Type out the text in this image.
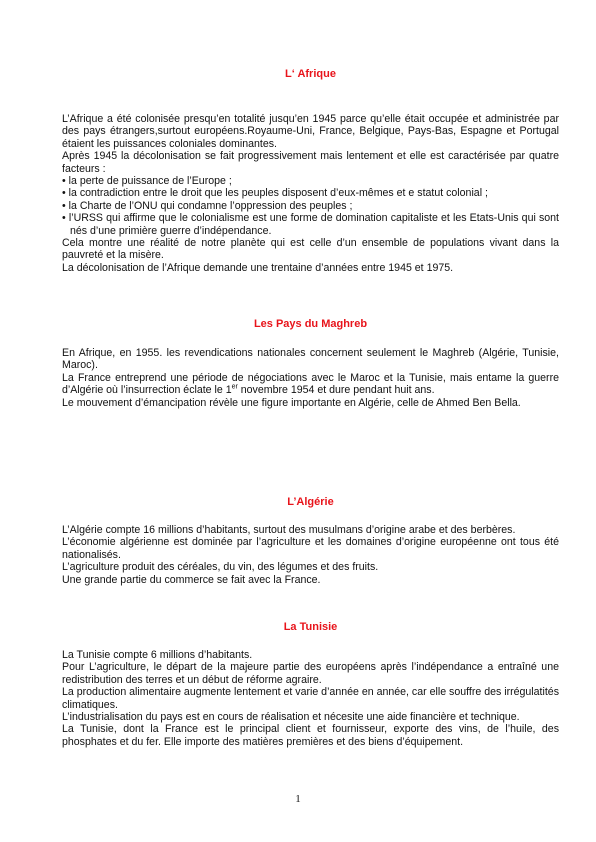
L‘ Afrique

L’Afrique a été colonisée presqu’en totalité jusqu’en 1945 parce qu’elle était occupée et administrée par des pays étrangers,surtout européens.Royaume-Uni, France, Belgique, Pays-Bas, Espagne et Portugal étaient les puissances coloniales dominantes.

Après 1945 la décolonisation se fait progressivement mais lentement et elle est caractérisée par quatre facteurs :

• la perte de puissance de l’Europe ;

• la contradiction entre le droit que les peuples disposent d’eux-mêmes et e statut colonial ;

• la Charte de l’ONU qui condamne l’oppression des peuples ;

• l’URSS qui affirme que le colonialisme est une forme de domination capitaliste et les Etats-Unis qui sont nés d’une primière guerre d’indépendance.

Cela montre une réalité de notre planète qui est celle d’un ensemble de populations vivant dans la pauvreté et la misère.

La décolonisation de l’Afrique demande une trentaine d’années entre 1945 et 1975.

Les Pays du Maghreb

En Afrique, en 1955. les revendications nationales concernent seulement le Maghreb (Algérie, Tunisie, Maroc).

La France entreprend une période de négociations avec le Maroc et la Tunisie, mais entame la guerre d’Algérie où l’insurrection éclate le 1er novembre 1954 et dure pendant huit ans.

Le mouvement d’émancipation révèle une figure importante en Algérie, celle de Ahmed Ben Bella.

L’Algérie

L’Algérie compte 16 millions d’habitants, surtout des musulmans d’origine arabe et des berbères.

L’économie algérienne est dominée par l’agriculture et les domaines d’origine européenne ont tous été nationalisés.

L’agriculture produit des céréales, du vin, des légumes et des fruits.

Une grande partie du commerce se fait avec la France.

La Tunisie

La Tunisie compte 6 millions d’habitants.

Pour L’agriculture, le départ de la majeure partie des européens après l’indépendance a entraîné une redistribution des terres et un début de réforme agraire.

La production alimentaire augmente lentement et varie d’année en année, car elle souffre des irrégulatités climatiques.

L’industrialisation du pays est en cours de réalisation et nécesite une aide financière et technique.

La Tunisie, dont la France est le principal client et fournisseur, exporte des vins, de l’huile, des phosphates et du fer. Elle importe des matières premières et des biens d’équipement.

1
